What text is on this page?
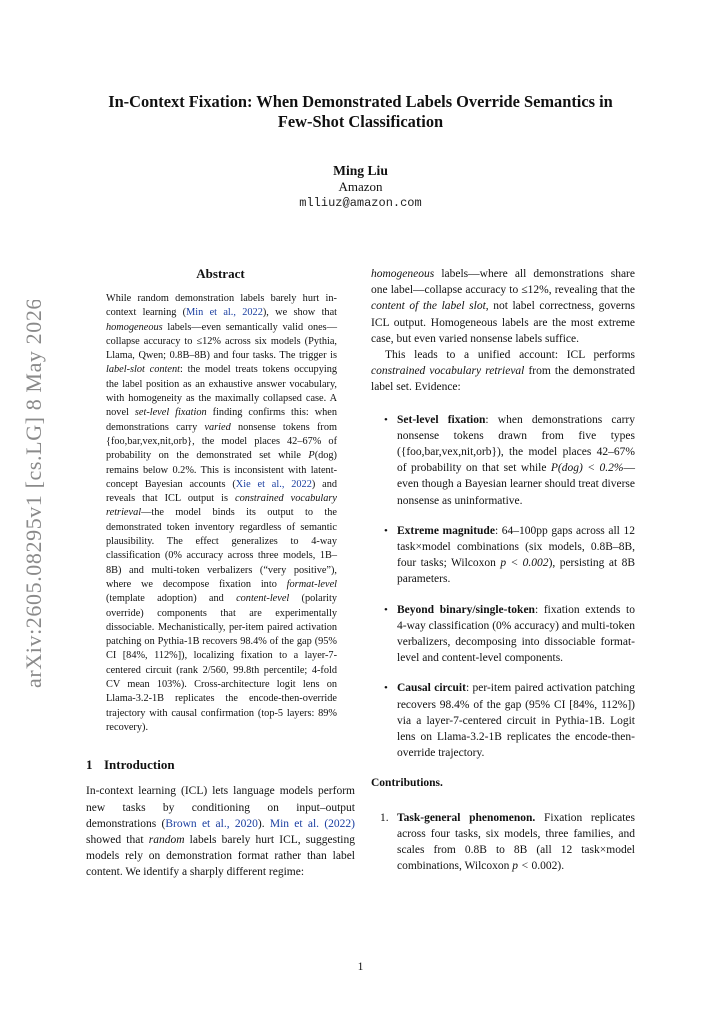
arXiv:2605.08295v1 [cs.LG] 8 May 2026
In-Context Fixation: When Demonstrated Labels Override Semantics in
Few-Shot Classification
Ming Liu
Amazon
mlliuz@amazon.com
Abstract
While random demonstration labels barely hurt in-context learning (Min et al., 2022), we show that homogeneous labels—even semantically valid ones—collapse accuracy to ≤12% across six models (Pythia, Llama, Qwen; 0.8B–8B) and four tasks. The trigger is label-slot content: the model treats tokens occupying the label position as an exhaustive answer vocabulary, with homogeneity as the maximally collapsed case. A novel set-level fixation finding confirms this: when demonstrations carry varied nonsense tokens from {foo,bar,vex,nit,orb}, the model places 42–67% of probability on the demonstrated set while P(dog) remains below 0.2%. This is inconsistent with latent-concept Bayesian accounts (Xie et al., 2022) and reveals that ICL output is constrained vocabulary retrieval—the model binds its output to the demonstrated token inventory regardless of semantic plausibility. The effect generalizes to 4-way classification (0% accuracy across three models, 1B–8B) and multi-token verbalizers (“very positive”), where we decompose fixation into format-level (template adoption) and content-level (polarity override) components that are experimentally dissociable. Mechanistically, per-item paired activation patching on Pythia-1B recovers 98.4% of the gap (95% CI [84%, 112%]), localizing fixation to a layer-7-centered circuit (rank 2/560, 99.8th percentile; 4-fold CV mean 103%). Cross-architecture logit lens on Llama-3.2-1B replicates the encode-then-override trajectory with causal confirmation (top-5 layers: 89% recovery).
1 Introduction

In-context learning (ICL) lets language models perform new tasks by conditioning on input–output demonstrations (Brown et al., 2020). Min et al. (2022) showed that random labels barely hurt ICL, suggesting models rely on demonstration format rather than label content. We identify a sharply different regime:

homogeneous labels—where all demonstrations share one label—collapse accuracy to ≤12%, revealing that the content of the label slot, not label correctness, governs ICL output. Homogeneous labels are the most extreme case, but even varied nonsense labels suffice.

This leads to a unified account: ICL performs constrained vocabulary retrieval from the demonstrated label set. Evidence:

• Set-level fixation: when demonstrations carry nonsense tokens drawn from five types ({foo,bar,vex,nit,orb}), the model places 42–67% of probability on that set while P(dog) < 0.2%—even though a Bayesian learner should treat diverse nonsense as uninformative.
• Extreme magnitude: 64–100pp gaps across all 12 task×model combinations (six models, 0.8B–8B, four tasks; Wilcoxon p < 0.002), persisting at 8B parameters.
• Beyond binary/single-token: fixation extends to 4-way classification (0% accuracy) and multi-token verbalizers, decomposing into dissociable format-level and content-level components.
• Causal circuit: per-item paired activation patching recovers 98.4% of the gap (95% CI [84%, 112%]) via a layer-7-centered circuit in Pythia-1B. Logit lens on Llama-3.2-1B replicates the encode-then-override trajectory.
Contributions.
1. Task-general phenomenon. Fixation replicates across four tasks, six models, three families, and scales from 0.8B to 8B (all 12 task×model combinations, Wilcoxon p < 0.002).
1
